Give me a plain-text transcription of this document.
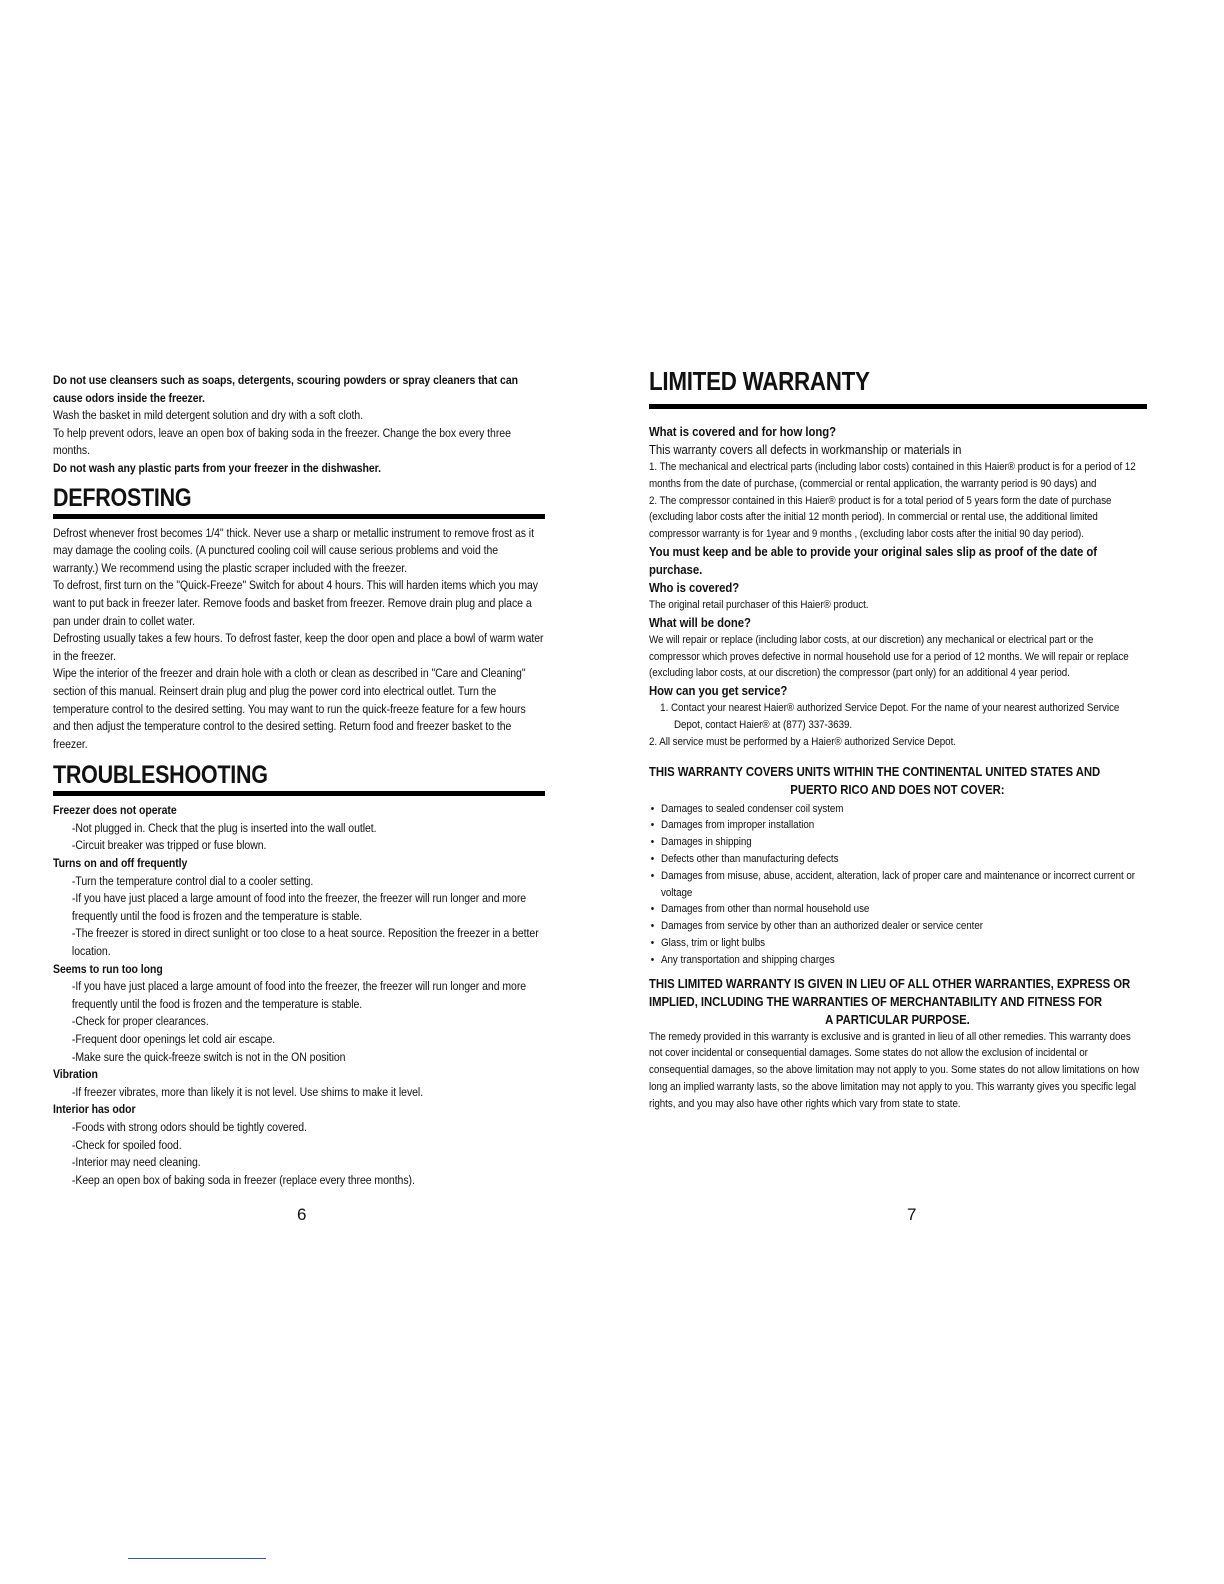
Do not use cleansers such as soaps, detergents, scouring powders or spray cleaners that can cause odors inside the freezer.

Wash the basket in mild detergent solution and dry with a soft cloth.

To help prevent odors, leave an open box of baking soda in the freezer. Change the box every three months.

Do not wash any plastic parts from your freezer in the dishwasher.

DEFROSTING

Defrost whenever frost becomes 1/4" thick. Never use a sharp or metallic instrument to remove frost as it may damage the cooling coils. (A punctured cooling coil will cause serious problems and void the warranty.) We recommend using the plastic scraper included with the freezer.

To defrost, first turn on the "Quick-Freeze" Switch for about 4 hours. This will harden items which you may want to put back in freezer later. Remove foods and basket from freezer. Remove drain plug and place a pan under drain to collet water.

Defrosting usually takes a few hours. To defrost faster, keep the door open and place a bowl of warm water in the freezer.

Wipe the interior of the freezer and drain hole with a cloth or clean as described in "Care and Cleaning" section of this manual. Reinsert drain plug and plug the power cord into electrical outlet. Turn the temperature control to the desired setting. You may want to run the quick-freeze feature for a few hours and then adjust the temperature control to the desired setting. Return food and freezer basket to the freezer.

TROUBLESHOOTING

Freezer does not operate

-Not plugged in. Check that the plug is inserted into the wall outlet.

-Circuit breaker was tripped or fuse blown.

Turns on and off frequently

-Turn the temperature control dial to a cooler setting.

-If you have just placed a large amount of food into the freezer, the freezer will run longer and more frequently until the food is frozen and the temperature is stable.

-The freezer is stored in direct sunlight or too close to a heat source. Reposition the freezer in a better location.

Seems to run too long

-If you have just placed a large amount of food into the freezer, the freezer will run longer and more frequently until the food is frozen and the temperature is stable.

-Check for proper clearances.

-Frequent door openings let cold air escape.

-Make sure the quick-freeze switch is not in the ON position

Vibration

-If freezer vibrates, more than likely it is not level. Use shims to make it level.

Interior has odor

-Foods with strong odors should be tightly covered.

-Check for spoiled food.

-Interior may need cleaning.

-Keep an open box of baking soda in freezer (replace every three months).

6
LIMITED WARRANTY

What is covered and for how long?

This warranty covers all defects in workmanship or materials in

1. The mechanical and electrical parts (including labor costs) contained in this Haier® product is for a period of 12 months from the date of purchase, (commercial or rental application, the warranty period is 90 days) and

2. The compressor contained in this Haier® product is for a total period of 5 years form the date of purchase (excluding labor costs after the initial 12 month period). In commercial or rental use, the additional limited compressor warranty is for 1year and 9 months , (excluding labor costs after the initial 90 day period).

You must keep and be able to provide your original sales slip as proof of the date of purchase.

Who is covered?

The original retail purchaser of this Haier® product.

What will be done?

We will repair or replace (including labor costs, at our discretion) any mechanical or electrical part or the compressor which proves defective in normal household use for a period of 12 months. We will repair or replace (excluding labor costs, at our discretion) the compressor (part only) for an additional 4 year period.

How can you get service?

1. Contact your nearest Haier® authorized Service Depot. For the name of your nearest authorized Service Depot, contact Haier® at (877) 337-3639.

2. All service must be performed by a Haier® authorized Service Depot.

THIS WARRANTY COVERS UNITS WITHIN THE CONTINENTAL UNITED STATES AND

PUERTO RICO AND DOES NOT COVER:

• Damages to sealed condenser coil system
• Damages from improper installation
• Damages in shipping
• Defects other than manufacturing defects
• Damages from misuse, abuse, accident, alteration, lack of proper care and maintenance or incorrect current or voltage
• Damages from other than normal household use
• Damages from service by other than an authorized dealer or service center
• Glass, trim or light bulbs
• Any transportation and shipping charges

THIS LIMITED WARRANTY IS GIVEN IN LIEU OF ALL OTHER WARRANTIES, EXPRESS OR IMPLIED, INCLUDING THE WARRANTIES OF MERCHANTABILITY AND FITNESS FOR

A PARTICULAR PURPOSE.

The remedy provided in this warranty is exclusive and is granted in lieu of all other remedies. This warranty does not cover incidental or consequential damages. Some states do not allow the exclusion of incidental or consequential damages, so the above limitation may not apply to you. Some states do not allow limitations on how long an implied warranty lasts, so the above limitation may not apply to you. This warranty gives you specific legal rights, and you may also have other rights which vary from state to state.

7
